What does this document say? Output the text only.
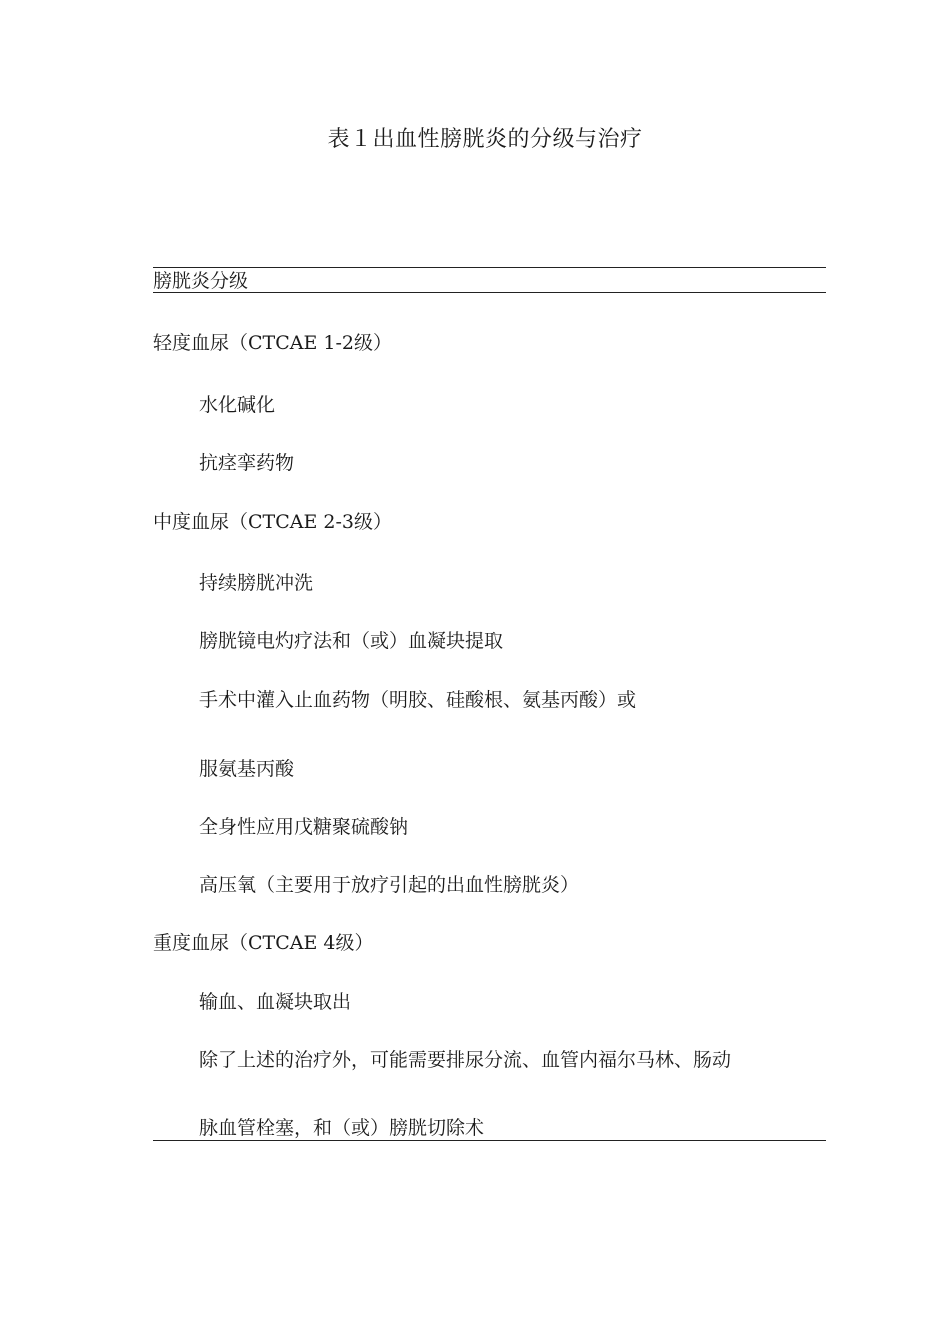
表１出血性膀胱炎的分级与治疗
膀胱炎分级
轻度血尿（CTCAE 1-2级）
水化碱化
抗痉挛药物
中度血尿（CTCAE 2-3级）
持续膀胱冲洗
膀胱镜电灼疗法和（或）血凝块提取
手术中灌入止血药物（明胶、硅酸根、氨基丙酸）或
服氨基丙酸
全身性应用戊糖聚硫酸钠
高压氧（主要用于放疗引起的出血性膀胱炎）
重度血尿（CTCAE 4级）
输血、血凝块取出
除了上述的治疗外，可能需要排尿分流、血管内福尔马林、肠动
脉血管栓塞，和（或）膀胱切除术
